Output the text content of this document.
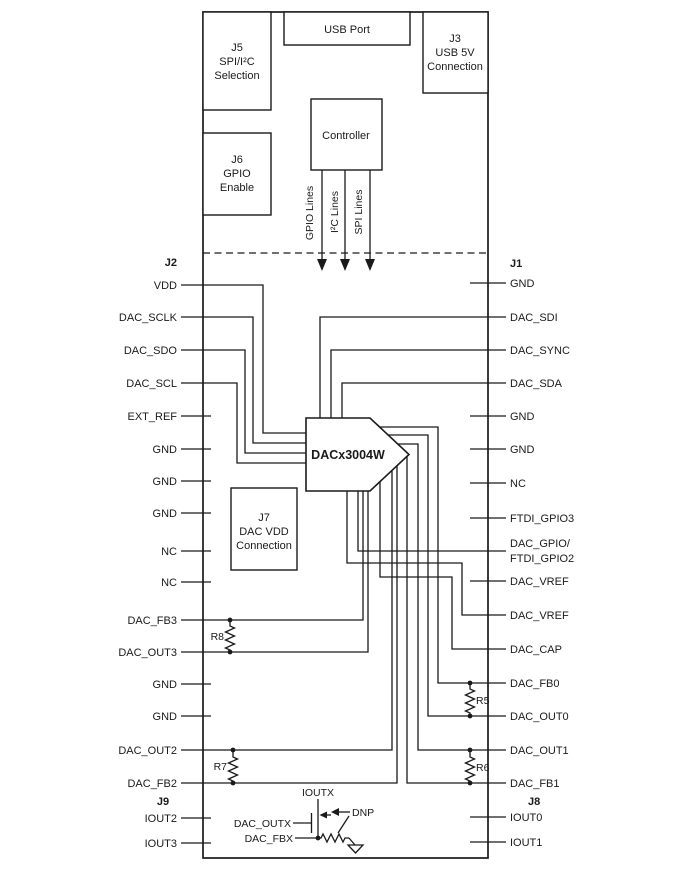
USB Port
J3
USB 5V
Connection
J5
SPI/I²C
Selection
J6
GPIO
Enable
Controller
J7
DAC VDD
Connection
GPIO Lines I²C Lines SPI Lines
J2	J1
J9	J8
DACx3004W
R8
R7
R5
R6
IOUTX
DAC_OUTX
DAC_FBX
DNP
VDD
DAC_SCLK
DAC_SDO
DAC_SCL
EXT_REF
GND
GND
GND
NC
NC
DAC_FB3
DAC_OUT3
GND
GND
DAC_OUT2
DAC_FB2
IOUT2
IOUT3
GND
DAC_SDI
DAC_SYNC
DAC_SDA
GND
GND
NC
FTDI_GPIO3
DAC_GPIO/
FTDI_GPIO2
DAC_VREF
DAC_VREF
DAC_CAP
DAC_FB0
DAC_OUT0
DAC_OUT1
DAC_FB1
IOUT0
IOUT1
